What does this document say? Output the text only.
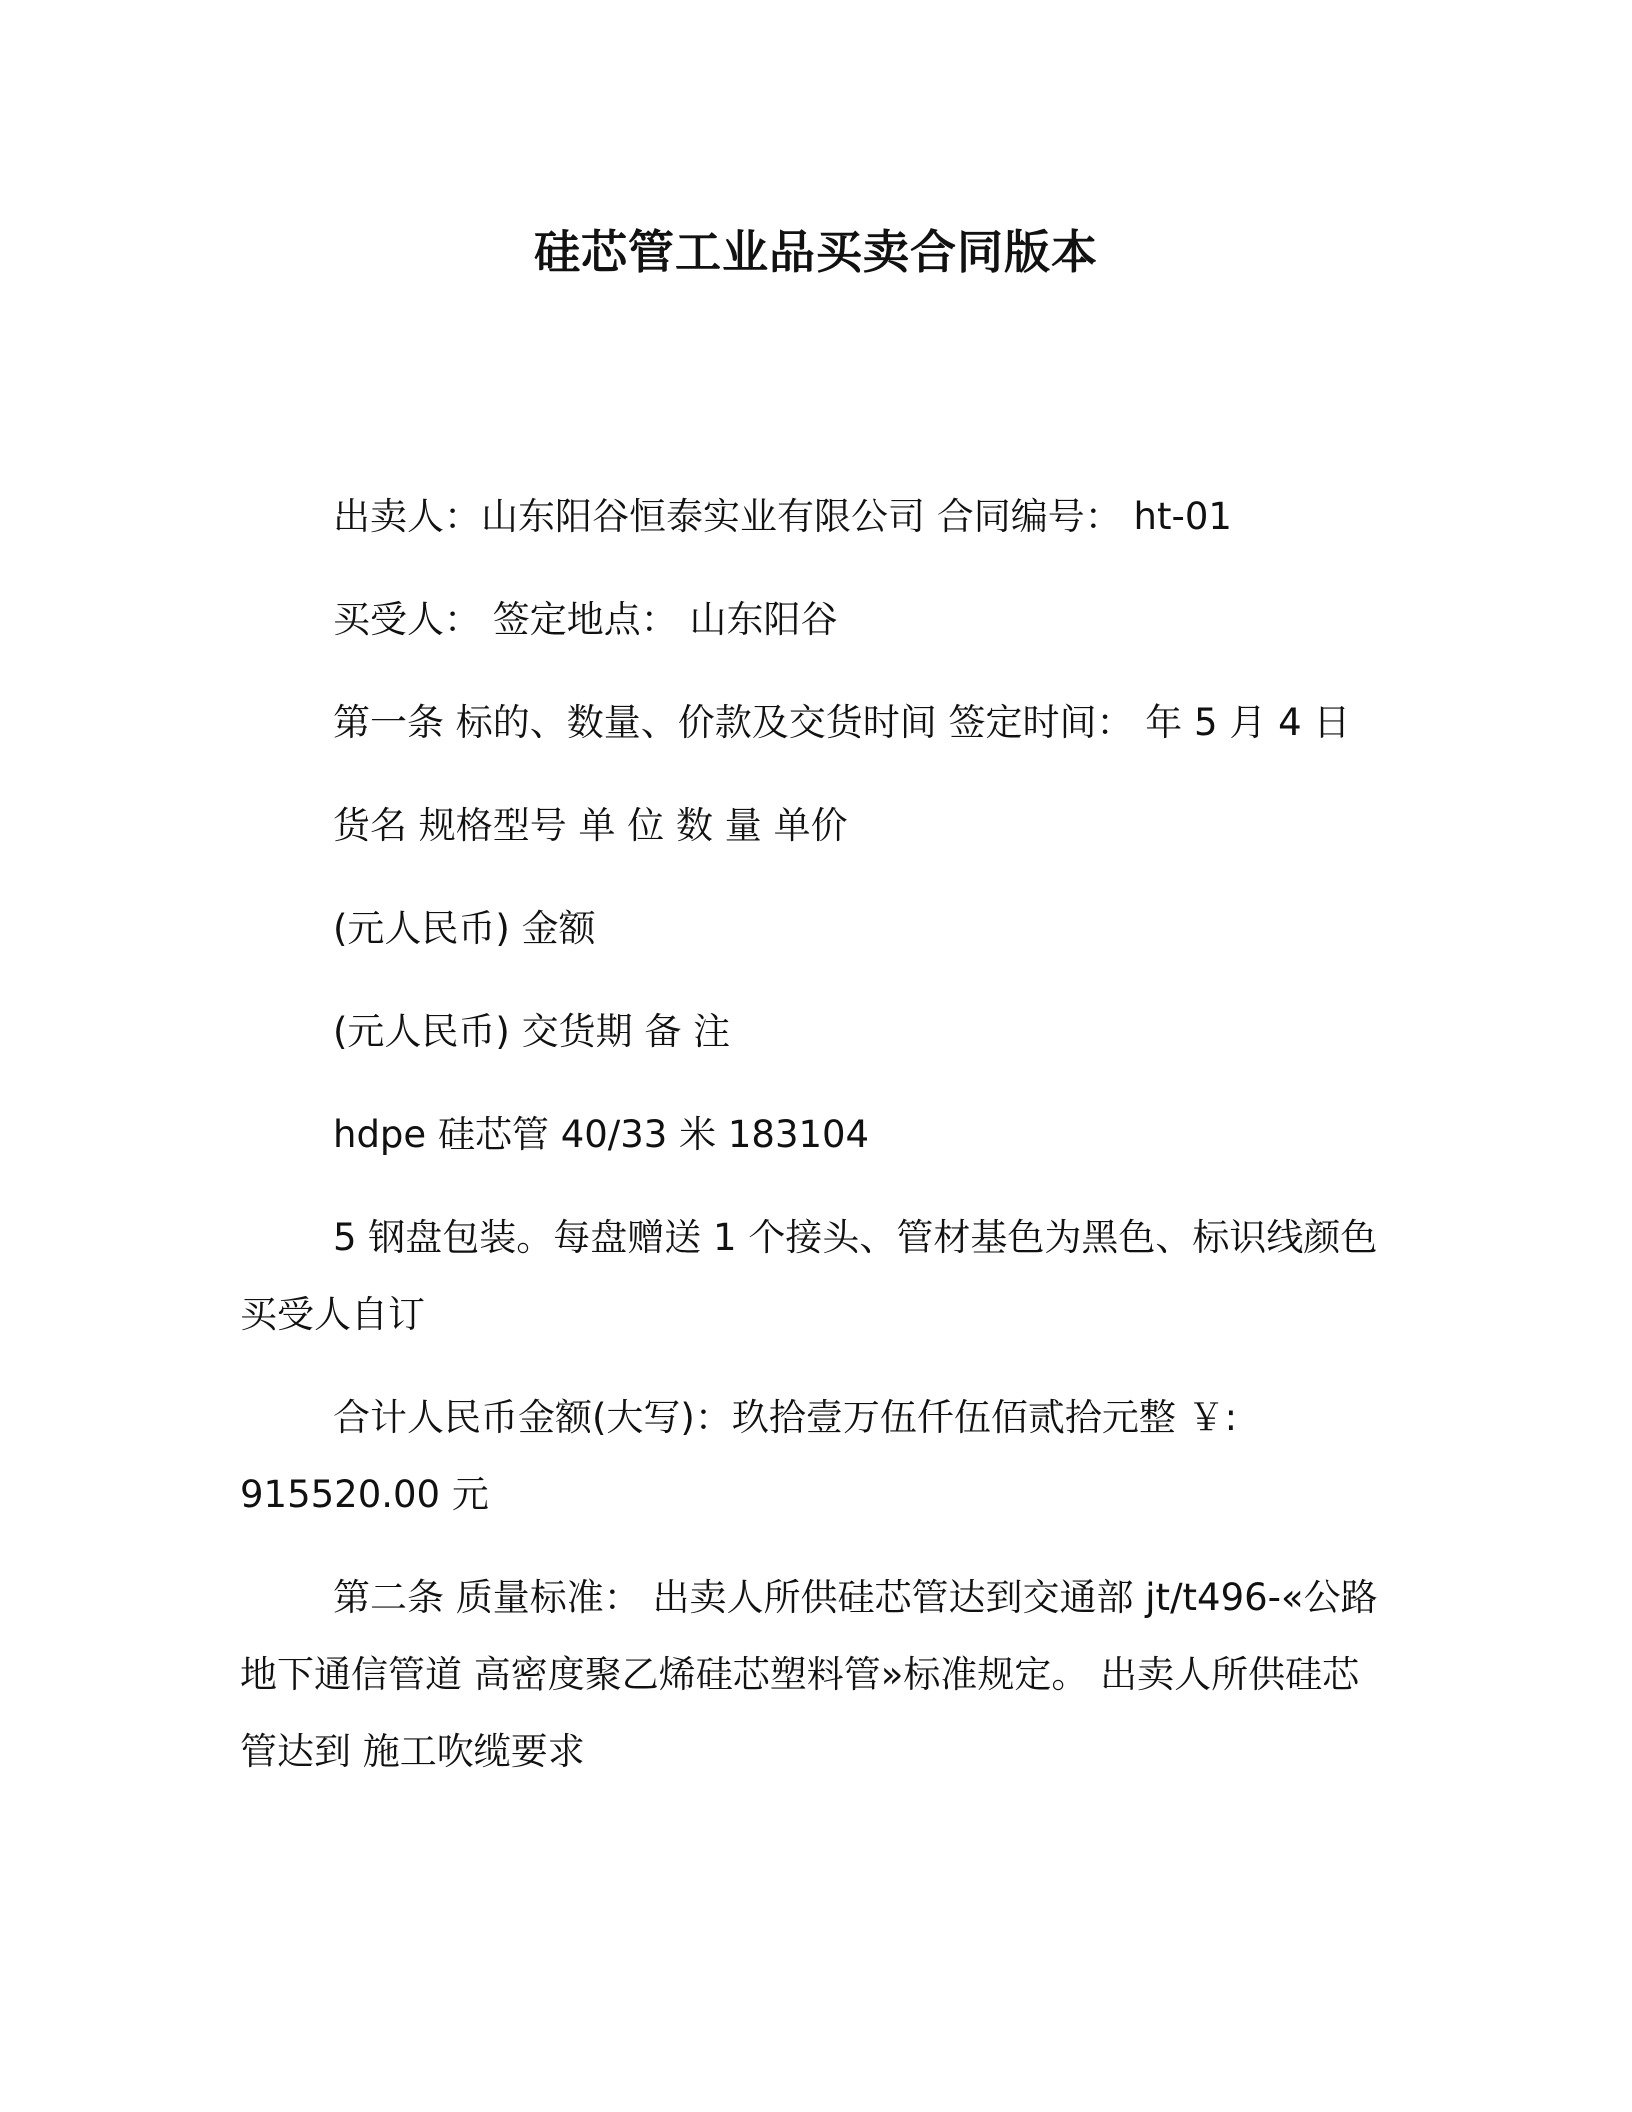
硅芯管工业品买卖合同版本
出卖人：山东阳谷恒泰实业有限公司 合同编号： ht-01
买受人： 签定地点： 山东阳谷
第一条 标的、数量、价款及交货时间 签定时间： 年 5 月 4 日
货名 规格型号 单 位 数 量 单价
(元人民币) 金额
(元人民币) 交货期 备 注
hdpe 硅芯管 40/33 米 183104
5 钢盘包装。每盘赠送 1 个接头、管材基色为黑色、标识线颜色
买受人自订
合计人民币金额(大写)：玖拾壹万伍仟伍佰贰拾元整 ￥:
915520.00 元
第二条 质量标准： 出卖人所供硅芯管达到交通部 jt/t496-«公路
地下通信管道 高密度聚乙烯硅芯塑料管»标准规定。 出卖人所供硅芯
管达到 施工吹缆要求
